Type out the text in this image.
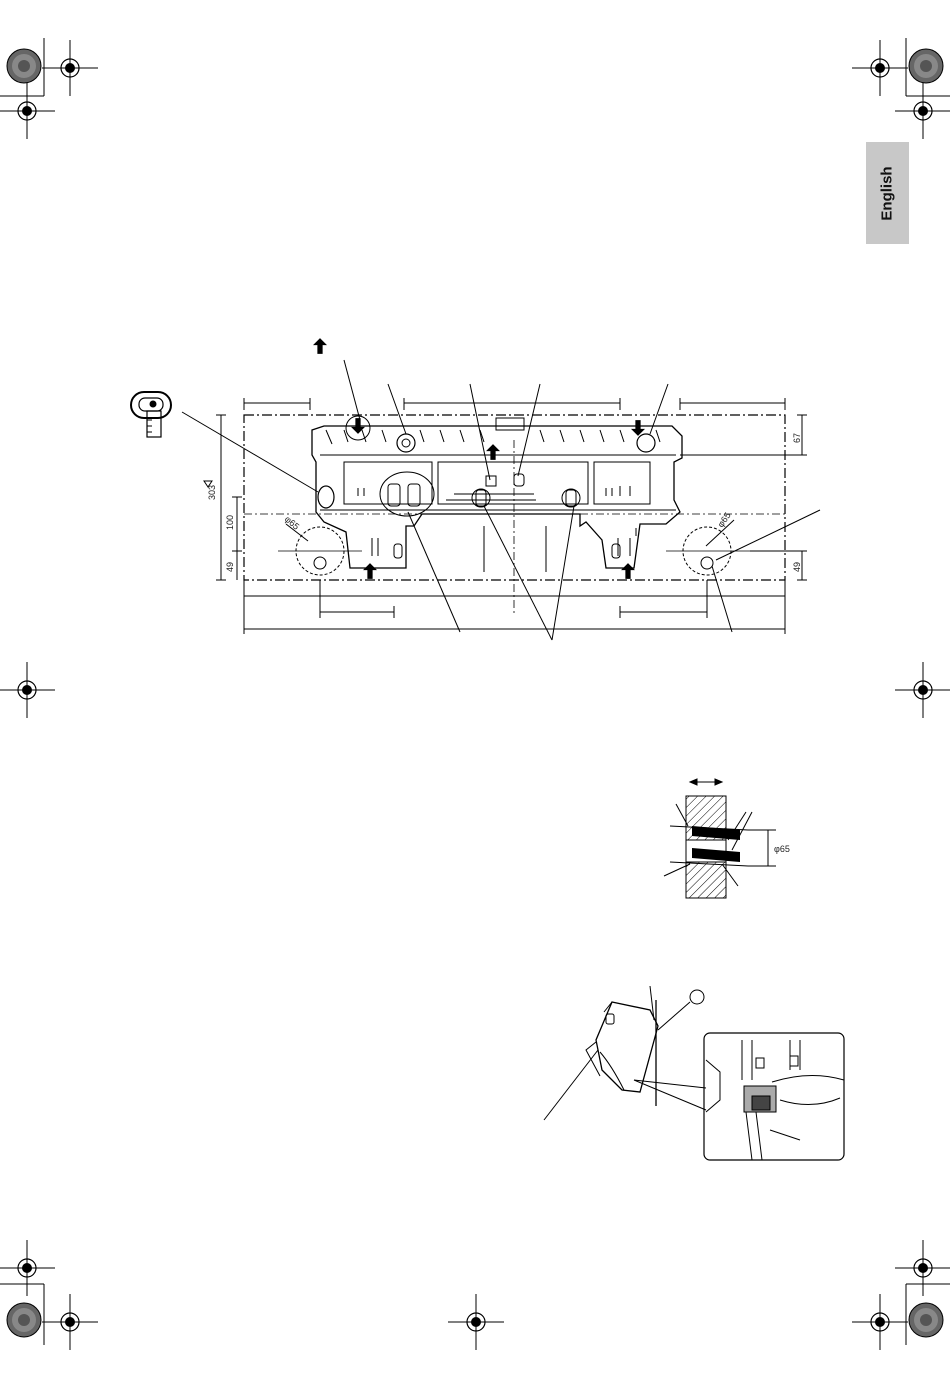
English
303
100
49	49
67
φ65	φ65
φ65
